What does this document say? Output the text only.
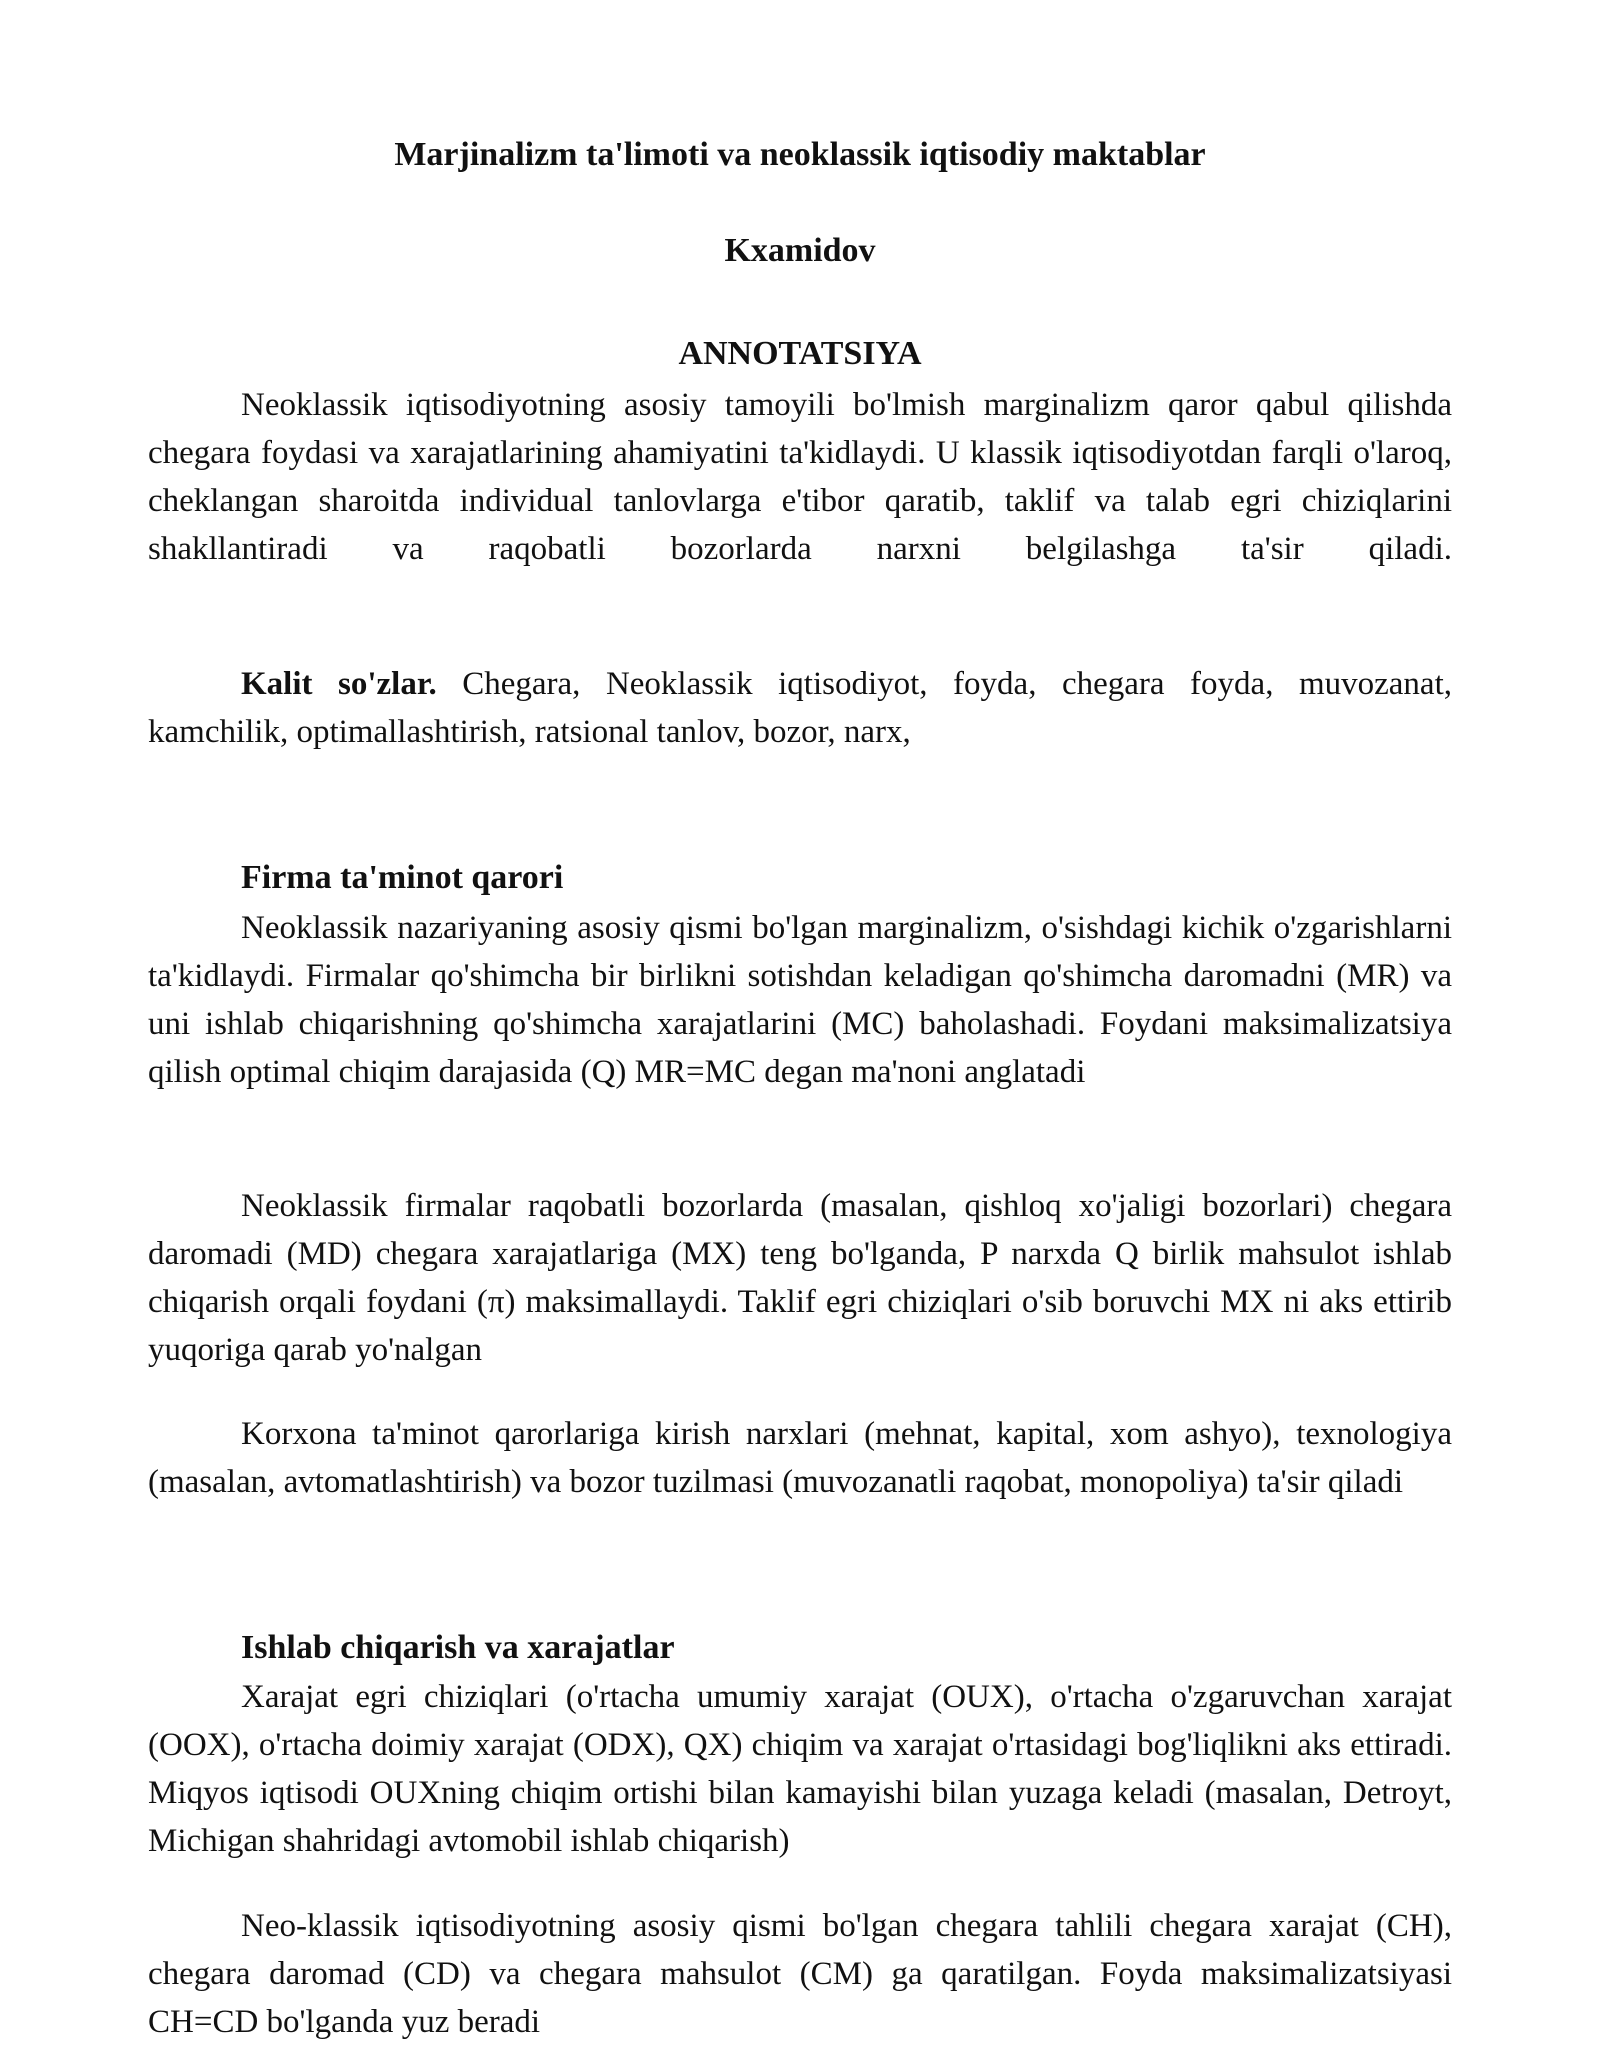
Marjinalizm ta'limoti va neoklassik iqtisodiy maktablar
Kxamidov
ANNOTATSIYA

Neoklassik iqtisodiyotning asosiy tamoyili bo'lmish marginalizm qaror qabul qilishda chegara foydasi va xarajatlarining ahamiyatini ta'kidlaydi. U klassik iqtisodiyotdan farqli o'laroq, cheklangan sharoitda individual tanlovlarga e'tibor qaratib, taklif va talab egri chiziqlarini shakllantiradi va raqobatli bozorlarda narxni belgilashga ta'sir qiladi.

Kalit so'zlar. Chegara, Neoklassik iqtisodiyot, foyda, chegara foyda, muvozanat, kamchilik, optimallashtirish, ratsional tanlov, bozor, narx,

Firma ta'minot qarori

Neoklassik nazariyaning asosiy qismi bo'lgan marginalizm, o'sishdagi kichik o'zgarishlarni ta'kidlaydi. Firmalar qo'shimcha bir birlikni sotishdan keladigan qo'shimcha daromadni (MR) va uni ishlab chiqarishning qo'shimcha xarajatlarini (MC) baholashadi. Foydani maksimalizatsiya qilish optimal chiqim darajasida (Q) MR=MC degan ma'noni anglatadi

Neoklassik firmalar raqobatli bozorlarda (masalan, qishloq xo'jaligi bozorlari) chegara daromadi (MD) chegara xarajatlariga (MX) teng bo'lganda, P narxda Q birlik mahsulot ishlab chiqarish orqali foydani (π) maksimallaydi. Taklif egri chiziqlari o'sib boruvchi MX ni aks ettirib yuqoriga qarab yo'nalgan

Korxona ta'minot qarorlariga kirish narxlari (mehnat, kapital, xom ashyo), texnologiya (masalan, avtomatlashtirish) va bozor tuzilmasi (muvozanatli raqobat, monopoliya) ta'sir qiladi

Ishlab chiqarish va xarajatlar

Xarajat egri chiziqlari (o'rtacha umumiy xarajat (OUX), o'rtacha o'zgaruvchan xarajat (OOX), o'rtacha doimiy xarajat (ODX), QX) chiqim va xarajat o'rtasidagi bog'liqlikni aks ettiradi. Miqyos iqtisodi OUXning chiqim ortishi bilan kamayishi bilan yuzaga keladi (masalan, Detroyt, Michigan shahridagi avtomobil ishlab chiqarish)

Neo-klassik iqtisodiyotning asosiy qismi bo'lgan chegara tahlili chegara xarajat (CH), chegara daromad (CD) va chegara mahsulot (CM) ga qaratilgan. Foyda maksimalizatsiyasi CH=CD bo'lganda yuz beradi
